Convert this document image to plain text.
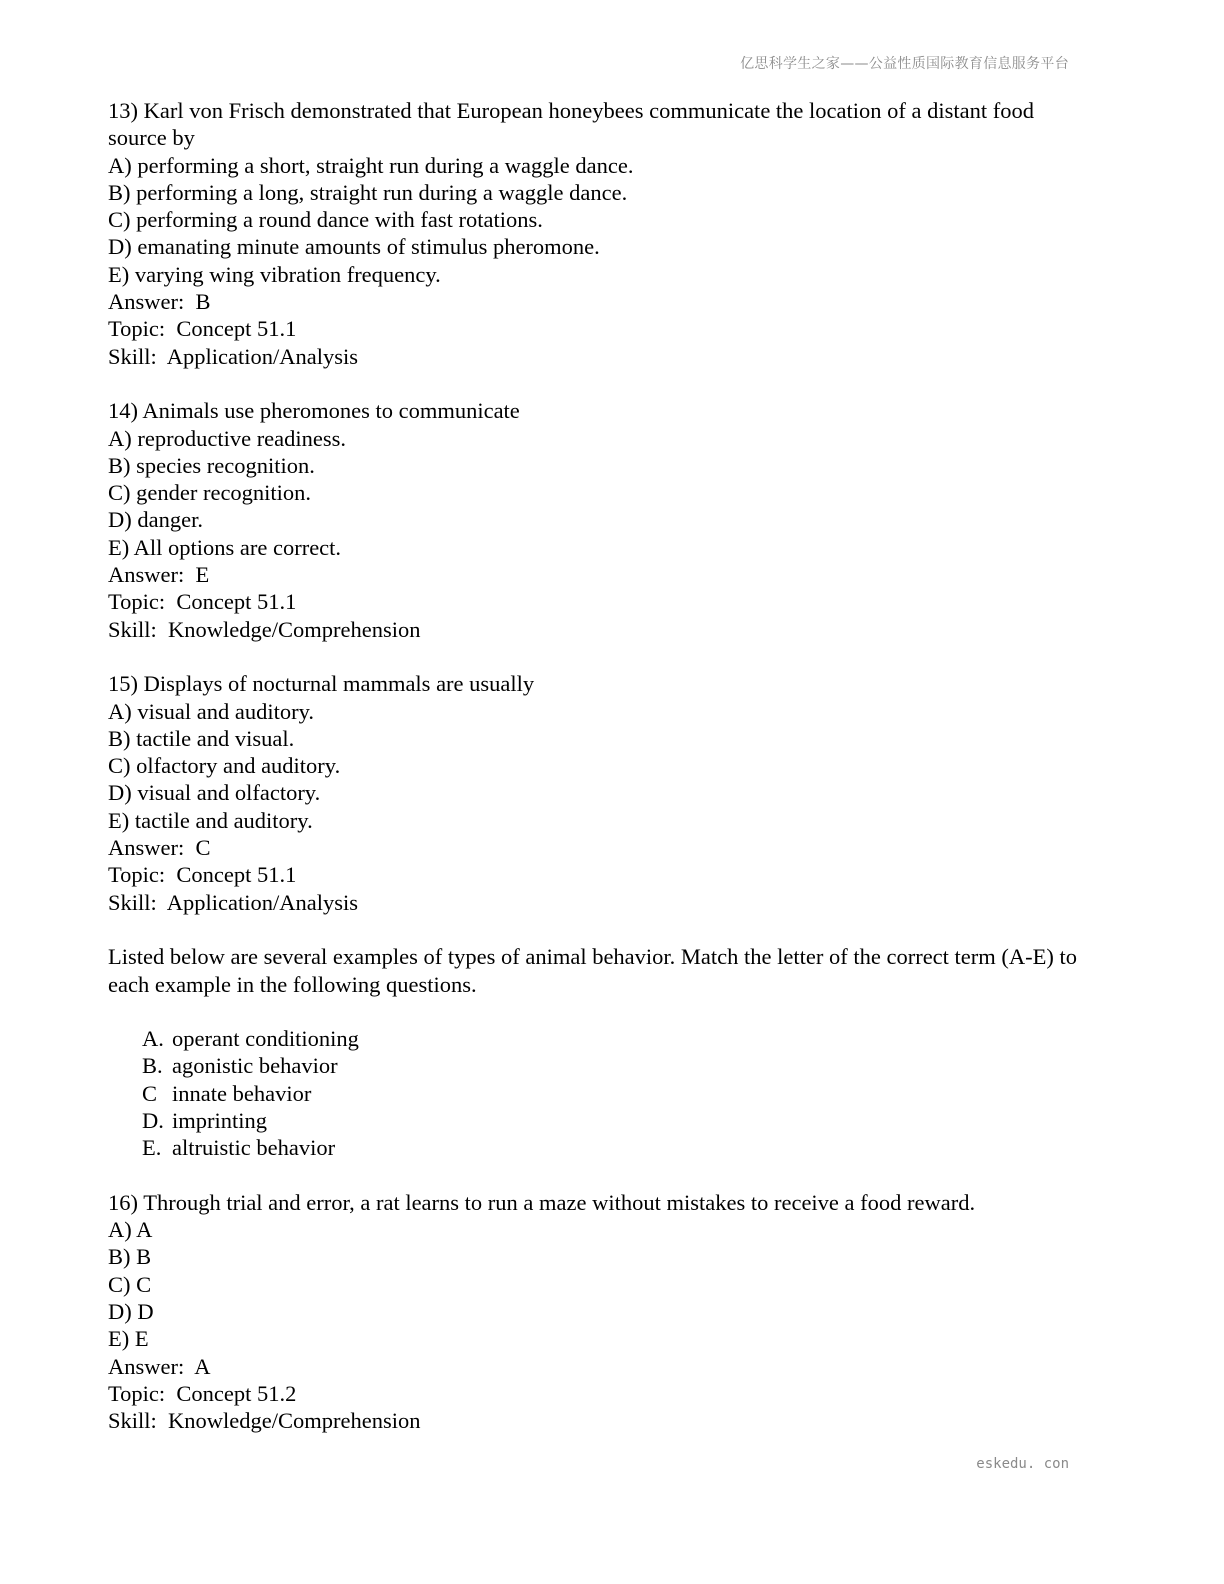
亿思科学生之家——公益性质国际教育信息服务平台
13) Karl von Frisch demonstrated that European honeybees communicate the location of a distant food source by
A) performing a short, straight run during a waggle dance.
B) performing a long, straight run during a waggle dance.
C) performing a round dance with fast rotations.
D) emanating minute amounts of stimulus pheromone.
E) varying wing vibration frequency.
Answer:  B
Topic:  Concept 51.1
Skill:  Application/Analysis
14) Animals use pheromones to communicate
A) reproductive readiness.
B) species recognition.
C) gender recognition.
D) danger.
E) All options are correct.
Answer:  E
Topic:  Concept 51.1
Skill:  Knowledge/Comprehension
15) Displays of nocturnal mammals are usually
A) visual and auditory.
B) tactile and visual.
C) olfactory and auditory.
D) visual and olfactory.
E) tactile and auditory.
Answer:  C
Topic:  Concept 51.1
Skill:  Application/Analysis
Listed below are several examples of types of animal behavior. Match the letter of the correct term (A-E) to each example in the following questions.
A. operant conditioning
B. agonistic behavior
C innate behavior
D. imprinting
E. altruistic behavior
16) Through trial and error, a rat learns to run a maze without mistakes to receive a food reward.
A) A
B) B
C) C
D) D
E) E
Answer:  A
Topic:  Concept 51.2
Skill:  Knowledge/Comprehension
eskedu. con
